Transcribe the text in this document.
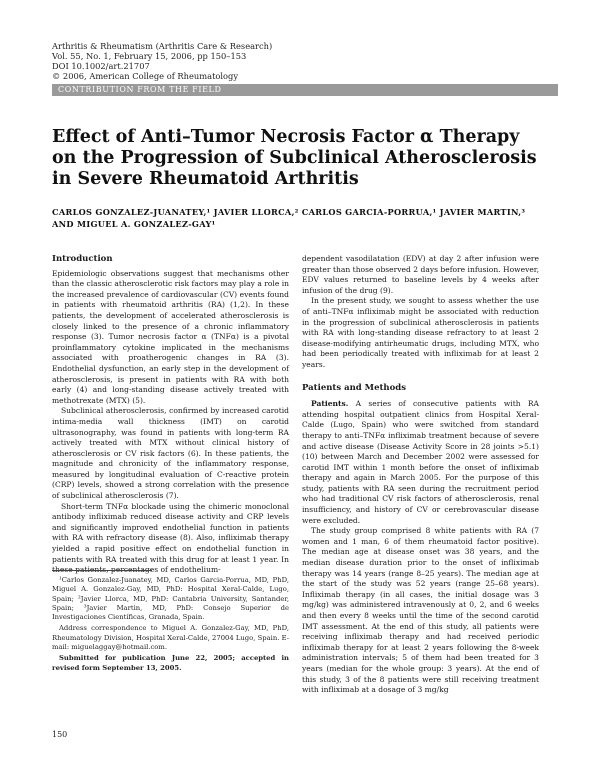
Arthritis & Rheumatism (Arthritis Care & Research)
Vol. 55, No. 1, February 15, 2006, pp 150–153
DOI 10.1002/art.21707
© 2006, American College of Rheumatology
CONTRIBUTION FROM THE FIELD
Effect of Anti–Tumor Necrosis Factor α Therapy
on the Progression of Subclinical Atherosclerosis
in Severe Rheumatoid Arthritis
CARLOS GONZALEZ-JUANATEY,¹ JAVIER LLORCA,² CARLOS GARCIA-PORRUA,¹ JAVIER MARTIN,³
AND MIGUEL A. GONZALEZ-GAY¹
Introduction

Epidemiologic observations suggest that mechanisms other than the classic atherosclerotic risk factors may play a role in the increased prevalence of cardiovascular (CV) events found in patients with rheumatoid arthritis (RA) (1,2). In these patients, the development of accelerated atherosclerosis is closely linked to the presence of a chronic inflammatory response (3). Tumor necrosis factor α (TNFα) is a pivotal proinflammatory cytokine implicated in the mechanisms associated with proatherogenic changes in RA (3). Endothelial dysfunction, an early step in the development of atherosclerosis, is present in patients with RA with both early (4) and long-standing disease actively treated with methotrexate (MTX) (5).

Subclinical atherosclerosis, confirmed by increased carotid intima-media wall thickness (IMT) on carotid ultrasonography, was found in patients with long-term RA actively treated with MTX without clinical history of atherosclerosis or CV risk factors (6). In these patients, the magnitude and chronicity of the inflammatory response, measured by longitudinal evaluation of C-reactive protein (CRP) levels, showed a strong correlation with the presence of subclinical atherosclerosis (7).

Short-term TNFα blockade using the chimeric monoclonal antibody infliximab reduced disease activity and CRP levels and significantly improved endothelial function in patients with RA with refractory disease (8). Also, infliximab therapy yielded a rapid positive effect on endothelial function in patients with RA treated with this drug for at least 1 year. In these patients, percentages of endothelium-

¹Carlos Gonzalez-Juanatey, MD, Carlos Garcia-Porrua, MD, PhD, Miguel A. Gonzalez-Gay, MD, PhD: Hospital Xeral-Calde, Lugo, Spain; ²Javier Llorca, MD, PhD: Cantabria University, Santander, Spain; ³Javier Martin, MD, PhD: Consejo Superior de Investigaciones Científicas, Granada, Spain.

Address correspondence to Miguel A. Gonzalez-Gay, MD, PhD, Rheumatology Division, Hospital Xeral-Calde, 27004 Lugo, Spain. E-mail: miguelaggay@hotmail.com.

Submitted for publication June 22, 2005; accepted in revised form September 13, 2005.

dependent vasodilatation (EDV) at day 2 after infusion were greater than those observed 2 days before infusion. However, EDV values returned to baseline levels by 4 weeks after infusion of the drug (9).

In the present study, we sought to assess whether the use of anti–TNFα infliximab might be associated with reduction in the progression of subclinical atherosclerosis in patients with RA with long-standing disease refractory to at least 2 disease-modifying antirheumatic drugs, including MTX, who had been periodically treated with infliximab for at least 2 years.

Patients and Methods

Patients. A series of consecutive patients with RA attending hospital outpatient clinics from Hospital Xeral-Calde (Lugo, Spain) who were switched from standard therapy to anti–TNFα infliximab treatment because of severe and active disease (Disease Activity Score in 28 joints >5.1) (10) between March and December 2002 were assessed for carotid IMT within 1 month before the onset of infliximab therapy and again in March 2005. For the purpose of this study, patients with RA seen during the recruitment period who had traditional CV risk factors of atherosclerosis, renal insufficiency, and history of CV or cerebrovascular disease were excluded.

The study group comprised 8 white patients with RA (7 women and 1 man, 6 of them rheumatoid factor positive). The median age at disease onset was 38 years, and the median disease duration prior to the onset of infliximab therapy was 14 years (range 8–25 years). The median age at the start of the study was 52 years (range 25–68 years). Infliximab therapy (in all cases, the initial dosage was 3 mg/kg) was administered intravenously at 0, 2, and 6 weeks and then every 8 weeks until the time of the second carotid IMT assessment. At the end of this study, all patients were receiving infliximab therapy and had received periodic infliximab therapy for at least 2 years following the 8-week administration intervals; 5 of them had been treated for 3 years (median for the whole group: 3 years). At the end of this study, 3 of the 8 patients were still receiving treatment with infliximab at a dosage of 3 mg/kg

150
